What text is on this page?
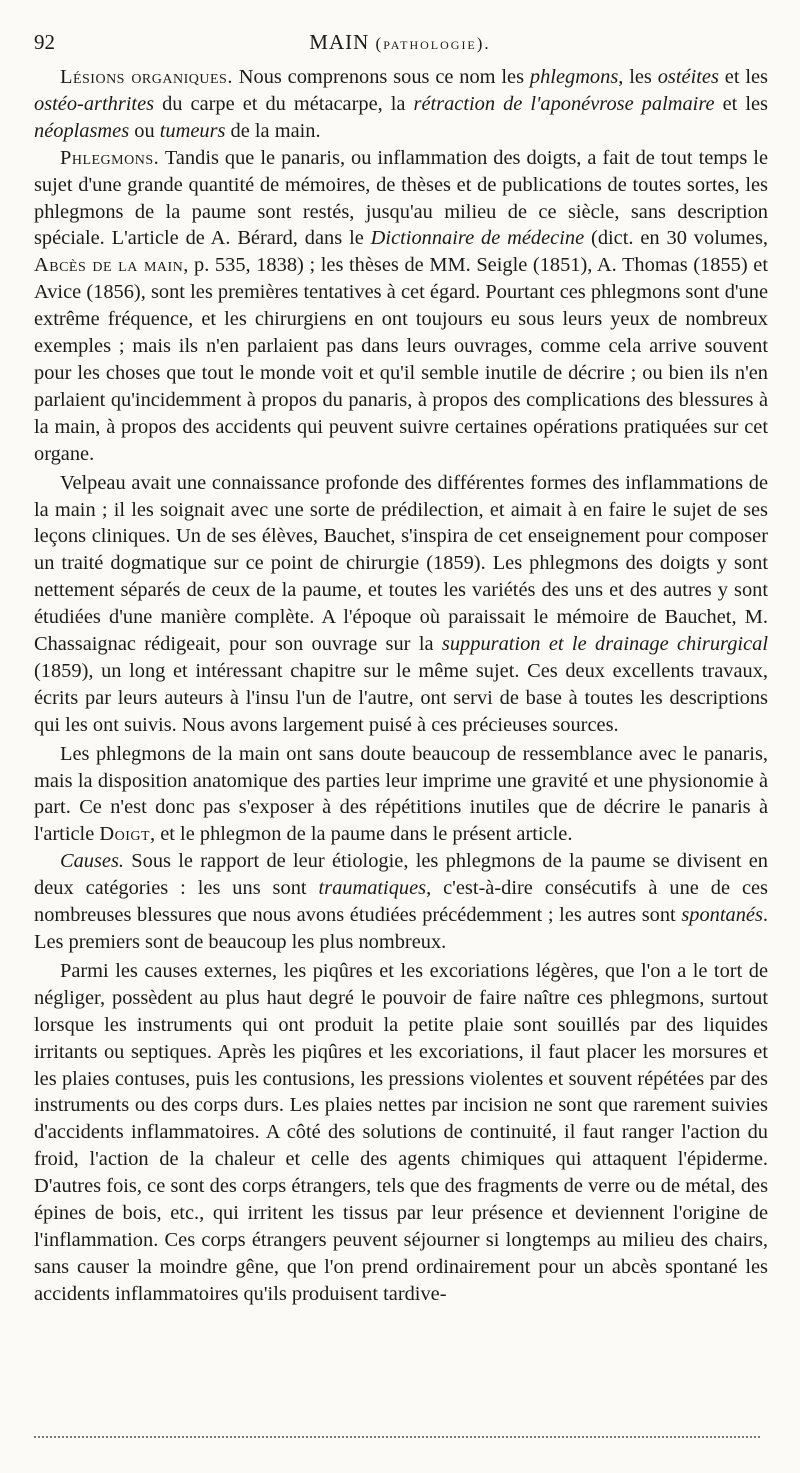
92	MAIN (pathologie).

Lésions organiques. Nous comprenons sous ce nom les phlegmons, les ostéites et les ostéo-arthrites du carpe et du métacarpe, la rétraction de l'aponévrose palmaire et les néoplasmes ou tumeurs de la main.

Phlegmons. Tandis que le panaris, ou inflammation des doigts, a fait de tout temps le sujet d'une grande quantité de mémoires, de thèses et de publications de toutes sortes, les phlegmons de la paume sont restés, jusqu'au milieu de ce siècle, sans description spéciale. L'article de A. Bérard, dans le Dictionnaire de médecine (dict. en 30 volumes, Abcès de la main, p. 535, 1838) ; les thèses de MM. Seigle (1851), A. Thomas (1855) et Avice (1856), sont les premières tentatives à cet égard. Pourtant ces phlegmons sont d'une extrême fréquence, et les chirurgiens en ont toujours eu sous leurs yeux de nombreux exemples ; mais ils n'en parlaient pas dans leurs ouvrages, comme cela arrive souvent pour les choses que tout le monde voit et qu'il semble inutile de décrire ; ou bien ils n'en parlaient qu'incidemment à propos du panaris, à propos des complications des blessures à la main, à propos des accidents qui peuvent suivre certaines opérations pratiquées sur cet organe.

Velpeau avait une connaissance profonde des différentes formes des inflammations de la main ; il les soignait avec une sorte de prédilection, et aimait à en faire le sujet de ses leçons cliniques. Un de ses élèves, Bauchet, s'inspira de cet enseignement pour composer un traité dogmatique sur ce point de chirurgie (1859). Les phlegmons des doigts y sont nettement séparés de ceux de la paume, et toutes les variétés des uns et des autres y sont étudiées d'une manière complète. A l'époque où paraissait le mémoire de Bauchet, M. Chassaignac rédigeait, pour son ouvrage sur la suppuration et le drainage chirurgical (1859), un long et intéressant chapitre sur le même sujet. Ces deux excellents travaux, écrits par leurs auteurs à l'insu l'un de l'autre, ont servi de base à toutes les descriptions qui les ont suivis. Nous avons largement puisé à ces précieuses sources.

Les phlegmons de la main ont sans doute beaucoup de ressemblance avec le panaris, mais la disposition anatomique des parties leur imprime une gravité et une physionomie à part. Ce n'est donc pas s'exposer à des répétitions inutiles que de décrire le panaris à l'article Doigt, et le phlegmon de la paume dans le présent article.

Causes. Sous le rapport de leur étiologie, les phlegmons de la paume se divisent en deux catégories : les uns sont traumatiques, c'est-à-dire consécutifs à une de ces nombreuses blessures que nous avons étudiées précédemment ; les autres sont spontanés. Les premiers sont de beaucoup les plus nombreux.

Parmi les causes externes, les piqûres et les excoriations légères, que l'on a le tort de négliger, possèdent au plus haut degré le pouvoir de faire naître ces phlegmons, surtout lorsque les instruments qui ont produit la petite plaie sont souillés par des liquides irritants ou septiques. Après les piqûres et les excoriations, il faut placer les morsures et les plaies contuses, puis les contusions, les pressions violentes et souvent répétées par des instruments ou des corps durs. Les plaies nettes par incision ne sont que rarement suivies d'accidents inflammatoires. A côté des solutions de continuité, il faut ranger l'action du froid, l'action de la chaleur et celle des agents chimiques qui attaquent l'épiderme. D'autres fois, ce sont des corps étrangers, tels que des fragments de verre ou de métal, des épines de bois, etc., qui irritent les tissus par leur présence et deviennent l'origine de l'inflammation. Ces corps étrangers peuvent séjourner si longtemps au milieu des chairs, sans causer la moindre gêne, que l'on prend ordinairement pour un abcès spontané les accidents inflammatoires qu'ils produisent tardive-
